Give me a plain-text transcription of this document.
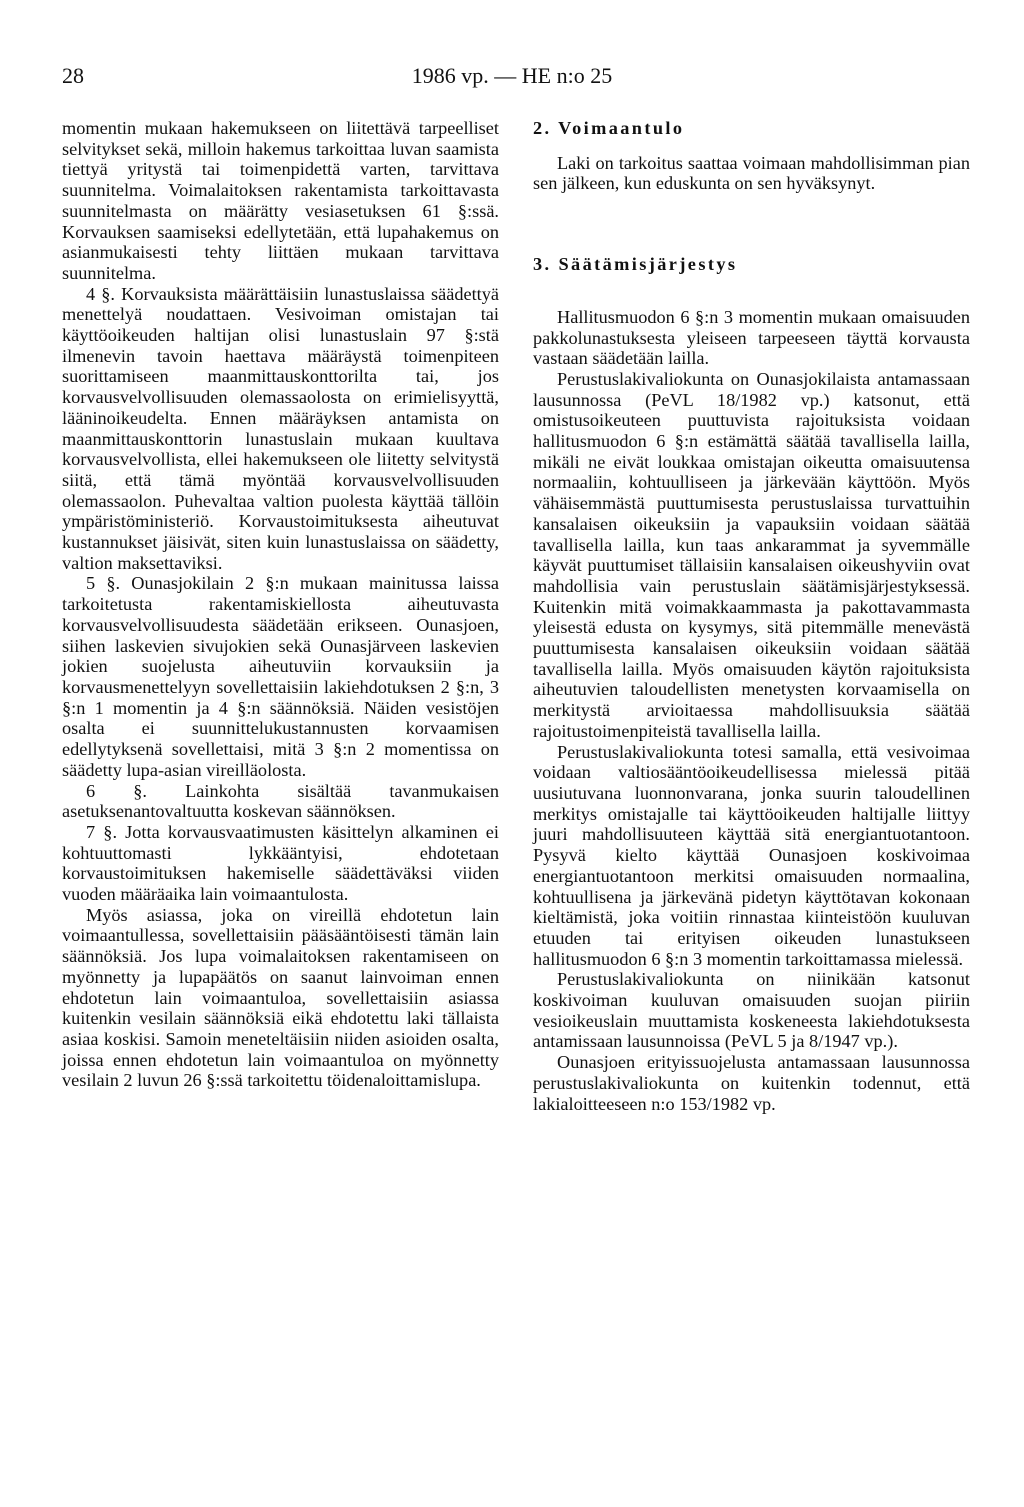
28	1986 vp. — HE n:o 25

momentin mukaan hakemukseen on liitettävä tarpeelliset selvitykset sekä, milloin hakemus tarkoittaa luvan saamista tiettyä yritystä tai toimenpidettä varten, tarvittava suunnitelma. Voimalaitoksen rakentamista tarkoittavasta suunnitelmasta on määrätty vesiasetuksen 61 §:ssä. Korvauksen saamiseksi edellytetään, että lupahakemus on asianmukaisesti tehty liittäen mukaan tarvittava suunnitelma.

4 §. Korvauksista määrättäisiin lunastuslaissa säädettyä menettelyä noudattaen. Vesivoiman omistajan tai käyttöoikeuden haltijan olisi lunastuslain 97 §:stä ilmenevin tavoin haettava määräystä toimenpiteen suorittamiseen maanmittauskonttorilta tai, jos korvausvelvollisuuden olemassaolosta on erimielisyyttä, lääninoikeudelta. Ennen määräyksen antamista on maanmittauskonttorin lunastuslain mukaan kuultava korvausvelvollista, ellei hakemukseen ole liitetty selvitystä siitä, että tämä myöntää korvausvelvollisuuden olemassaolon. Puhevaltaa valtion puolesta käyttää tällöin ympäristöministeriö. Korvaustoimituksesta aiheutuvat kustannukset jäisivät, siten kuin lunastuslaissa on säädetty, valtion maksettaviksi.

5 §. Ounasjokilain 2 §:n mukaan mainitussa laissa tarkoitetusta rakentamiskiellosta aiheutuvasta korvausvelvollisuudesta säädetään erikseen. Ounasjoen, siihen laskevien sivujokien sekä Ounasjärveen laskevien jokien suojelusta aiheutuviin korvauksiin ja korvausmenettelyyn sovellettaisiin lakiehdotuksen 2 §:n, 3 §:n 1 momentin ja 4 §:n säännöksiä. Näiden vesistöjen osalta ei suunnittelukustannusten korvaamisen edellytyksenä sovellettaisi, mitä 3 §:n 2 momentissa on säädetty lupa-asian vireilläolosta.

6 §. Lainkohta sisältää tavanmukaisen asetuksenantovaltuutta koskevan säännöksen.

7 §. Jotta korvausvaatimusten käsittelyn alkaminen ei kohtuuttomasti lykkääntyisi, ehdotetaan korvaustoimituksen hakemiselle säädettäväksi viiden vuoden määräaika lain voimaantulosta.

Myös asiassa, joka on vireillä ehdotetun lain voimaantullessa, sovellettaisiin pääsääntöisesti tämän lain säännöksiä. Jos lupa voimalaitoksen rakentamiseen on myönnetty ja lupapäätös on saanut lainvoiman ennen ehdotetun lain voimaantuloa, sovellettaisiin asiassa kuitenkin vesilain säännöksiä eikä ehdotettu laki tällaista asiaa koskisi. Samoin meneteltäisiin niiden asioiden osalta, joissa ennen ehdotetun lain voimaantuloa on myönnetty vesilain 2 luvun 26 §:ssä tarkoitettu töidenaloittamislupa.

2. Voimaantulo

Laki on tarkoitus saattaa voimaan mahdollisimman pian sen jälkeen, kun eduskunta on sen hyväksynyt.

3. Säätämisjärjestys

Hallitusmuodon 6 §:n 3 momentin mukaan omaisuuden pakkolunastuksesta yleiseen tarpeeseen täyttä korvausta vastaan säädetään lailla.

Perustuslakivaliokunta on Ounasjokilaista antamassaan lausunnossa (PeVL 18/1982 vp.) katsonut, että omistusoikeuteen puuttuvista rajoituksista voidaan hallitusmuodon 6 §:n estämättä säätää tavallisella lailla, mikäli ne eivät loukkaa omistajan oikeutta omaisuutensa normaaliin, kohtuulliseen ja järkevään käyttöön. Myös vähäisemmästä puuttumisesta perustuslaissa turvattuihin kansalaisen oikeuksiin ja vapauksiin voidaan säätää tavallisella lailla, kun taas ankarammat ja syvemmälle käyvät puuttumiset tällaisiin kansalaisen oikeushyviin ovat mahdollisia vain perustuslain säätämisjärjestyksessä. Kuitenkin mitä voimakkaammasta ja pakottavammasta yleisestä edusta on kysymys, sitä pitemmälle menevästä puuttumisesta kansalaisen oikeuksiin voidaan säätää tavallisella lailla. Myös omaisuuden käytön rajoituksista aiheutuvien taloudellisten menetysten korvaamisella on merkitystä arvioitaessa mahdollisuuksia säätää rajoitustoimenpiteistä tavallisella lailla.

Perustuslakivaliokunta totesi samalla, että vesivoimaa voidaan valtiosääntöoikeudellisessa mielessä pitää uusiutuvana luonnonvarana, jonka suurin taloudellinen merkitys omistajalle tai käyttöoikeuden haltijalle liittyy juuri mahdollisuuteen käyttää sitä energiantuotantoon. Pysyvä kielto käyttää Ounasjoen koskivoimaa energiantuotantoon merkitsi omaisuuden normaalina, kohtuullisena ja järkevänä pidetyn käyttötavan kokonaan kieltämistä, joka voitiin rinnastaa kiinteistöön kuuluvan etuuden tai erityisen oikeuden lunastukseen hallitusmuodon 6 §:n 3 momentin tarkoittamassa mielessä.

Perustuslakivaliokunta on niinikään katsonut koskivoiman kuuluvan omaisuuden suojan piiriin vesioikeuslain muuttamista koskeneesta lakiehdotuksesta antamissaan lausunnoissa (PeVL 5 ja 8/1947 vp.).

Ounasjoen erityissuojelusta antamassaan lausunnossa perustuslakivaliokunta on kuitenkin todennut, että lakialoitteeseen n:o 153/1982 vp.
